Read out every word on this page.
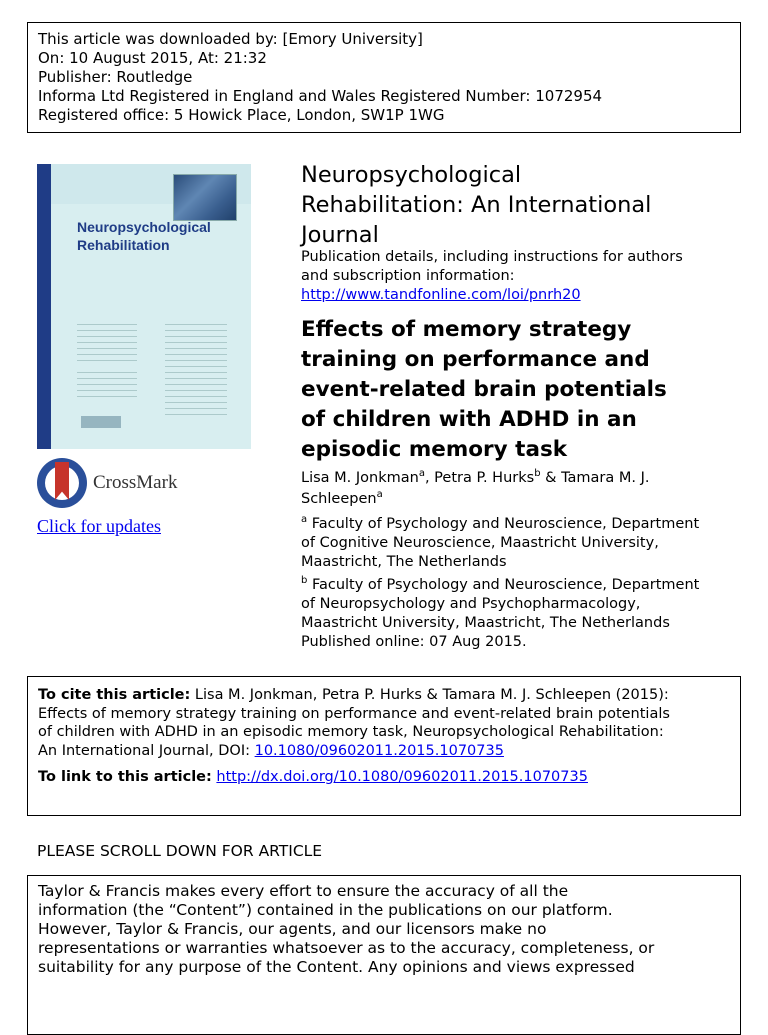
This article was downloaded by: [Emory University]
On: 10 August 2015, At: 21:32
Publisher: Routledge
Informa Ltd Registered in England and Wales Registered Number: 1072954
Registered office: 5 Howick Place, London, SW1P 1WG
Neuropsychological
Rehabilitation
CrossMark
Click for updates
Neuropsychological
Rehabilitation: An International
Journal
Publication details, including instructions for authors
and subscription information:
http://www.tandfonline.com/loi/pnrh20
Effects of memory strategy
training on performance and
event-related brain potentials
of children with ADHD in an
episodic memory task
Lisa M. Jonkman$^a$, Petra P. Hurks$^b$ & Tamara M. J.
Schleepen$^a$
$^a$ Faculty of Psychology and Neuroscience, Department
of Cognitive Neuroscience, Maastricht University,
Maastricht, The Netherlands
$^b$ Faculty of Psychology and Neuroscience, Department
of Neuropsychology and Psychopharmacology,
Maastricht University, Maastricht, The Netherlands
Published online: 07 Aug 2015.
To cite this article: Lisa M. Jonkman, Petra P. Hurks & Tamara M. J. Schleepen (2015):
Effects of memory strategy training on performance and event-related brain potentials
of children with ADHD in an episodic memory task, Neuropsychological Rehabilitation:
An International Journal, DOI: 10.1080/09602011.2015.1070735
To link to this article: http://dx.doi.org/10.1080/09602011.2015.1070735
PLEASE SCROLL DOWN FOR ARTICLE
Taylor & Francis makes every effort to ensure the accuracy of all the
information (the “Content”) contained in the publications on our platform.
However, Taylor & Francis, our agents, and our licensors make no
representations or warranties whatsoever as to the accuracy, completeness, or
suitability for any purpose of the Content. Any opinions and views expressed
